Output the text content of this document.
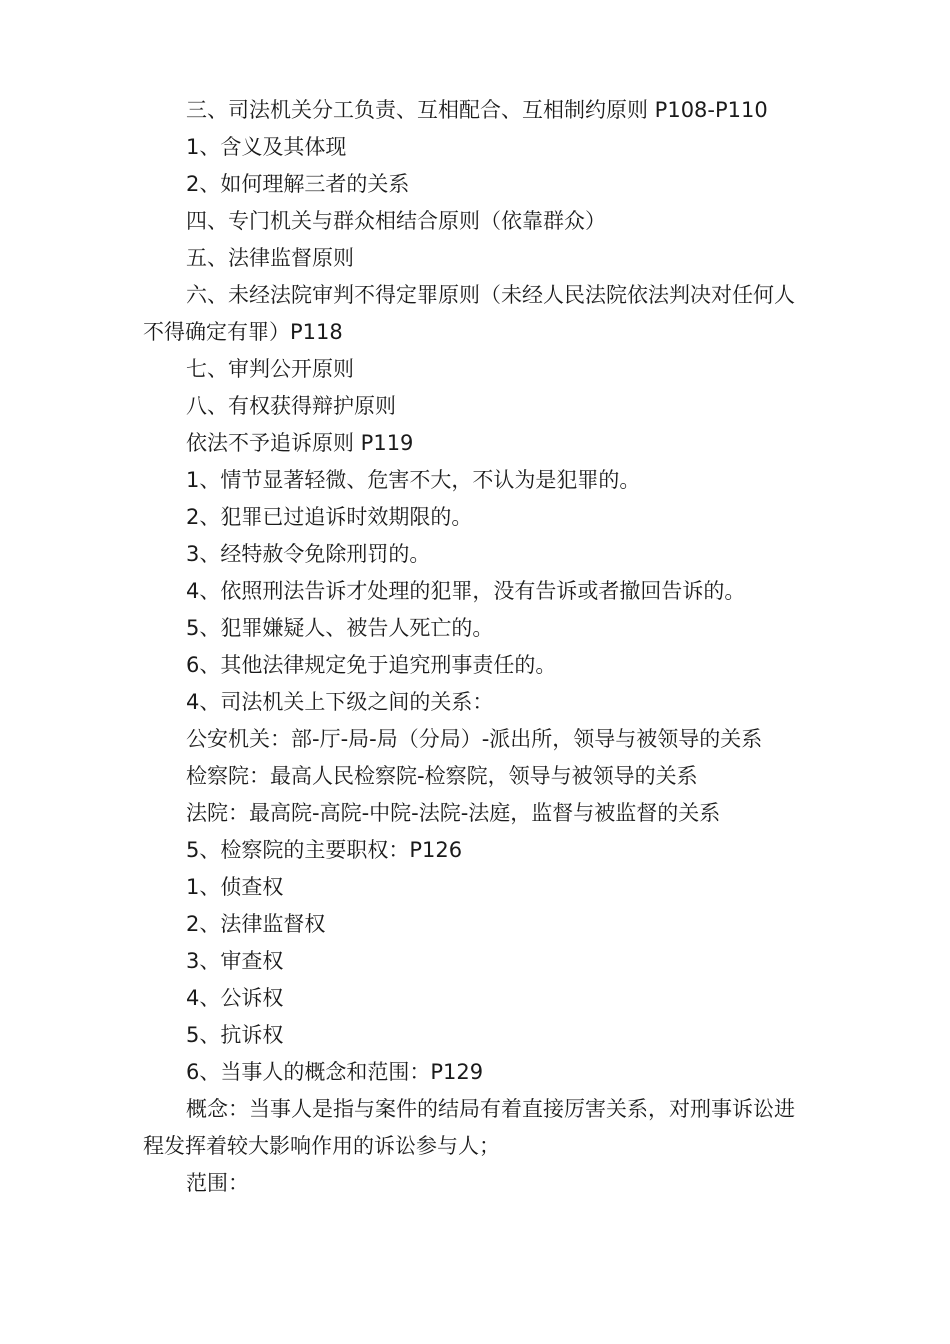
三、司法机关分工负责、互相配合、互相制约原则 P108-P110

1、含义及其体现

2、如何理解三者的关系

四、专门机关与群众相结合原则（依靠群众）

五、法律监督原则

六、未经法院审判不得定罪原则（未经人民法院依法判决对任何人不得确定有罪）P118

七、审判公开原则

八、有权获得辩护原则

依法不予追诉原则 P119

1、情节显著轻微、危害不大，不认为是犯罪的。

2、犯罪已过追诉时效期限的。

3、经特赦令免除刑罚的。

4、依照刑法告诉才处理的犯罪，没有告诉或者撤回告诉的。

5、犯罪嫌疑人、被告人死亡的。

6、其他法律规定免于追究刑事责任的。

4、司法机关上下级之间的关系：

公安机关：部-厅-局-局（分局）-派出所，领导与被领导的关系

检察院：最高人民检察院-检察院，领导与被领导的关系

法院：最高院-高院-中院-法院-法庭，监督与被监督的关系

5、检察院的主要职权：P126

1、侦查权

2、法律监督权

3、审查权

4、公诉权

5、抗诉权

6、当事人的概念和范围：P129

概念：当事人是指与案件的结局有着直接厉害关系，对刑事诉讼进程发挥着较大影响作用的诉讼参与人；

范围：
